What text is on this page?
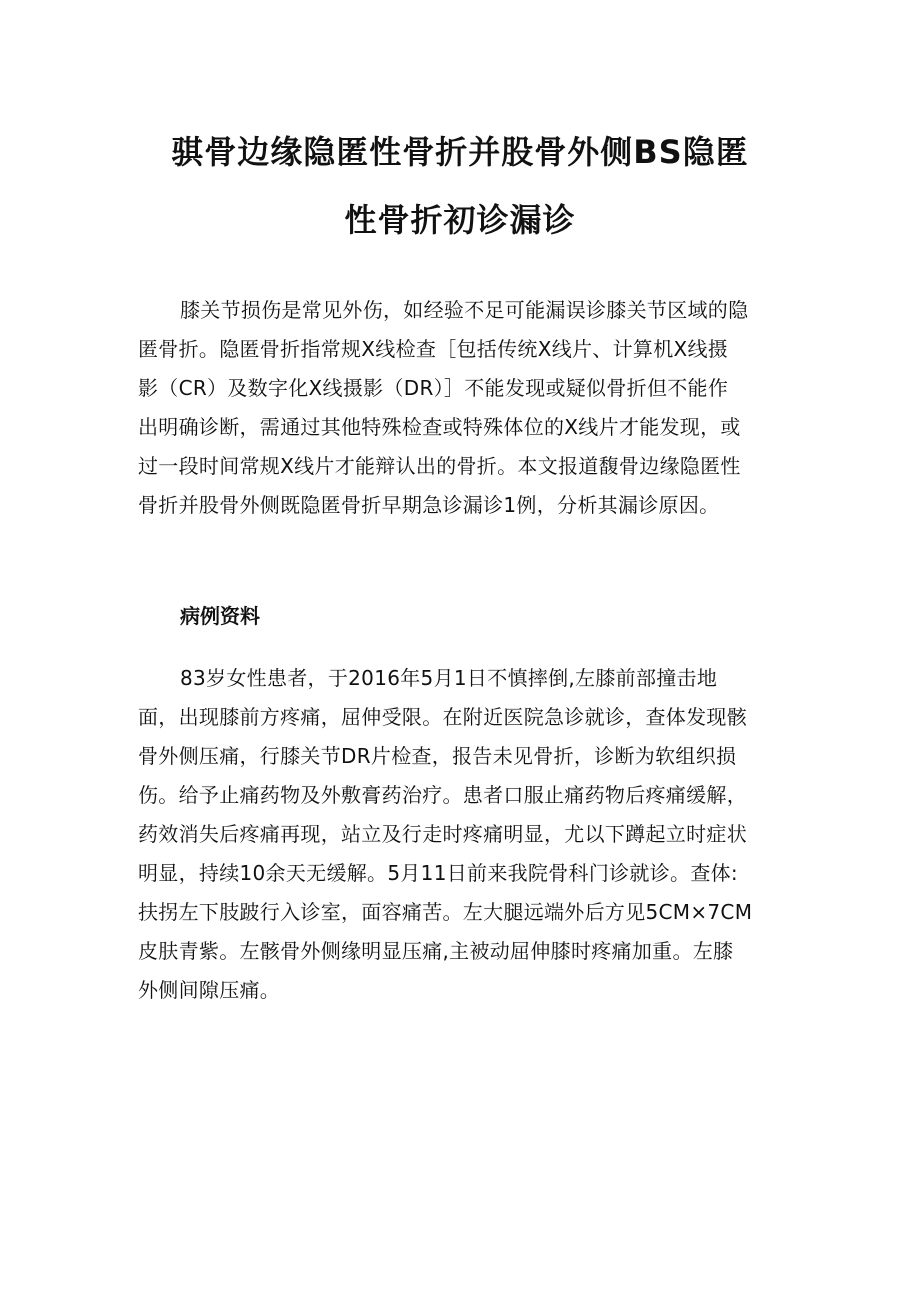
骐骨边缘隐匿性骨折并股骨外侧BS隐匿
性骨折初诊漏诊
膝关节损伤是常见外伤，如经验不足可能漏误诊膝关节区域的隐
匿骨折。隐匿骨折指常规X线检查［包括传统X线片、计算机X线摄
影（CR）及数字化X线摄影（DR）］不能发现或疑似骨折但不能作
出明确诊断，需通过其他特殊检查或特殊体位的X线片才能发现，或
过一段时间常规X线片才能辩认出的骨折。本文报道馥骨边缘隐匿性
骨折并股骨外侧既隐匿骨折早期急诊漏诊1例，分析其漏诊原因。
病例资料
83岁女性患者，于2016年5月1日不慎摔倒,左膝前部撞击地
面，出现膝前方疼痛，屈伸受限。在附近医院急诊就诊，查体发现骸
骨外侧压痛，行膝关节DR片检查，报告未见骨折，诊断为软组织损
伤。给予止痛药物及外敷膏药治疗。患者口服止痛药物后疼痛缓解，
药效消失后疼痛再现，站立及行走时疼痛明显，尤以下蹲起立时症状
明显，持续10余天无缓解。5月11日前来我院骨科门诊就诊。查体:
扶拐左下肢跛行入诊室，面容痛苦。左大腿远端外后方见5CM×7CM
皮肤青紫。左骸骨外侧缘明显压痛,主被动屈伸膝时疼痛加重。左膝
外侧间隙压痛。
